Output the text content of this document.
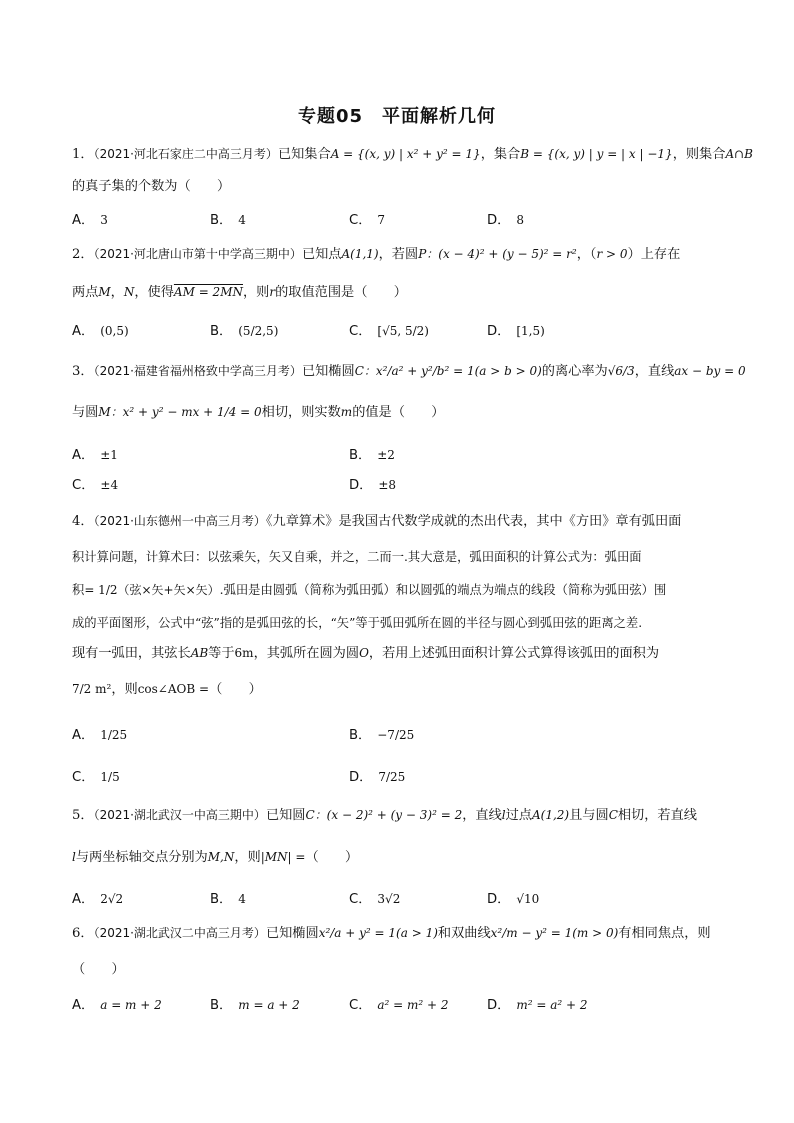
专题05　平面解析几何
1．（2021·河北石家庄二中高三月考）已知集合A = {(x, y) | x² + y² = 1}，集合B = {(x, y) | y = | x | −1}，则集合A∩B
的真子集的个数为（　　）
A． 3	B． 4	C． 7	D． 8
2．（2021·河北唐山市第十中学高三期中）已知点A(1,1)，若圆P：(x − 4)² + (y − 5)² = r²，（r > 0）上存在
两点M，N，使得AM = 2MN，则r的取值范围是（　　）
A． (0,5)	B． (5/2,5)	C． [√5, 5/2)	D． [1,5)
3．（2021·福建省福州格致中学高三月考）已知椭圆C：x²/a² + y²/b² = 1(a > b > 0)的离心率为√6/3，直线ax − by = 0
与圆M：x² + y² − mx + 1/4 = 0相切，则实数m的值是（　　）
A． ±1	B． ±2
C． ±4	D． ±8
4．（2021·山东德州一中高三月考）《九章算术》是我国古代数学成就的杰出代表，其中《方田》章有弧田面
积计算问题，计算术曰：以弦乘矢，矢又自乘，并之，二而一.其大意是，弧田面积的计算公式为：弧田面
积= 1/2（弦×矢+矢×矢）.弧田是由圆弧（简称为弧田弧）和以圆弧的端点为端点的线段（简称为弧田弦）围
成的平面图形，公式中“弦”指的是弧田弦的长，“矢”等于弧田弧所在圆的半径与圆心到弧田弦的距离之差.
现有一弧田，其弦长AB等于6m，其弧所在圆为圆O，若用上述弧田面积计算公式算得该弧田的面积为
7/2 m²，则cos∠AOB =（　　）
A． 1/25	B． −7/25
C． 1/5	D． 7/25
5．（2021·湖北武汉一中高三期中）已知圆C：(x − 2)² + (y − 3)² = 2，直线l过点A(1,2)且与圆C相切，若直线
l与两坐标轴交点分别为M,N，则|MN| =（　　）
A． 2√2	B． 4	C． 3√2	D． √10
6．（2021·湖北武汉二中高三月考）已知椭圆x²/a + y² = 1(a > 1)和双曲线x²/m − y² = 1(m > 0)有相同焦点，则
（　　）
A． a = m + 2	B． m = a + 2	C． a² = m² + 2	D． m² = a² + 2
